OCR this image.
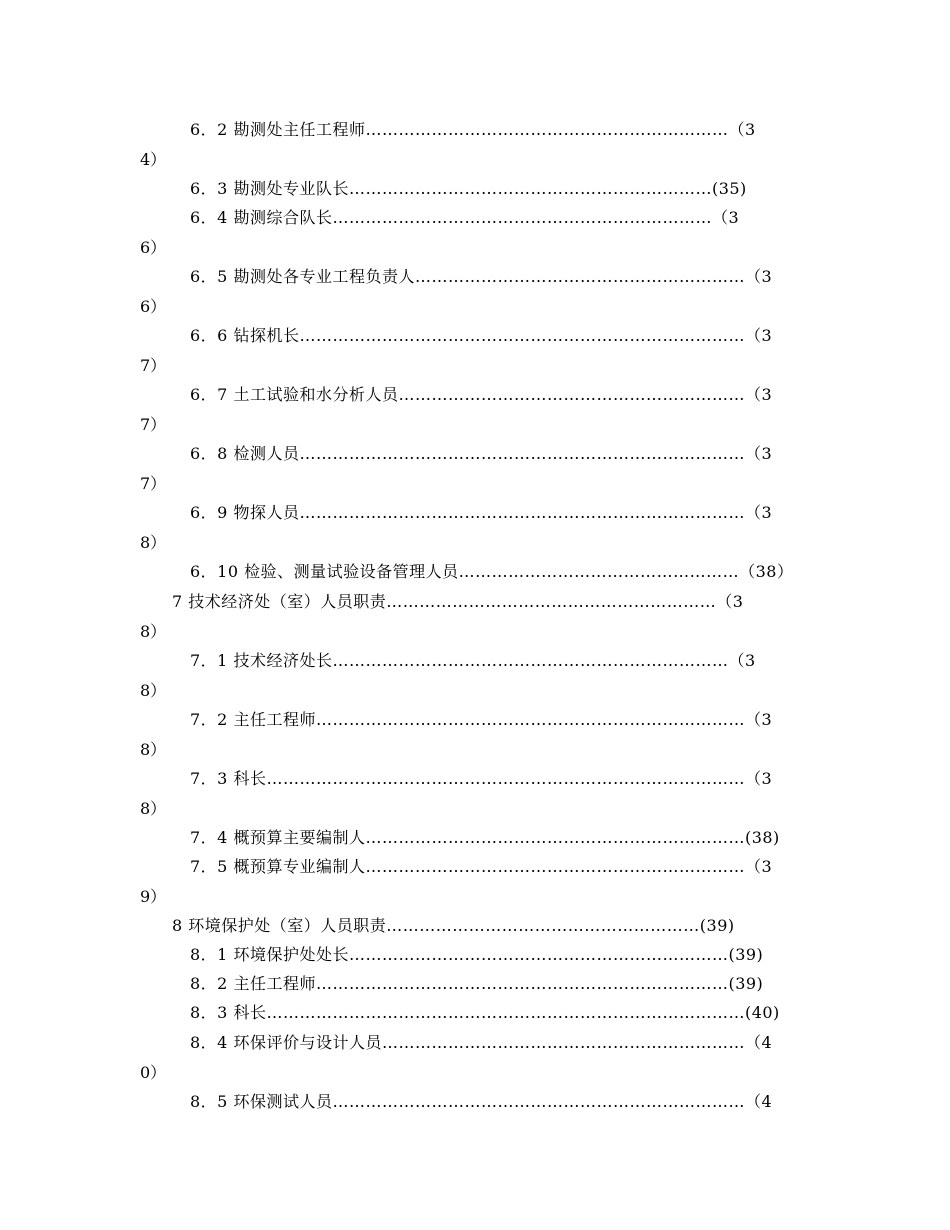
6．2 勘测处主任工程师…………………………………………………………（3
4）
6．3 勘测处专业队长…………………………………………………………(35)
6．4 勘测综合队长……………………………………………………………（3
6）
6．5 勘测处各专业工程负责人……………………………………………………（3
6）
6．6 钻探机长………………………………………………………………………（3
7）
6．7 土工试验和水分析人员………………………………………………………（3
7）
6．8 检测人员………………………………………………………………………（3
7）
6．9 物探人员………………………………………………………………………（3
8）
6．10 检验、测量试验设备管理人员……………………………………………（38）
7 技术经济处（室）人员职责……………………………………………………（3
8）
7．1 技术经济处长………………………………………………………………（3
8）
7．2 主任工程师……………………………………………………………………（3
8）
7．3 科长……………………………………………………………………………（3
8）
7．4 概预算主要编制人……………………………………………………………(38)
7．5 概预算专业编制人……………………………………………………………（3
9）
8 环境保护处（室）人员职责…………………………………………………(39)
8．1 环境保护处处长……………………………………………………………(39)
8．2 主任工程师…………………………………………………………………(39)
8．3 科长……………………………………………………………………………(40)
8．4 环保评价与设计人员…………………………………………………………（4
0）
8．5 环保测试人员…………………………………………………………………（4
